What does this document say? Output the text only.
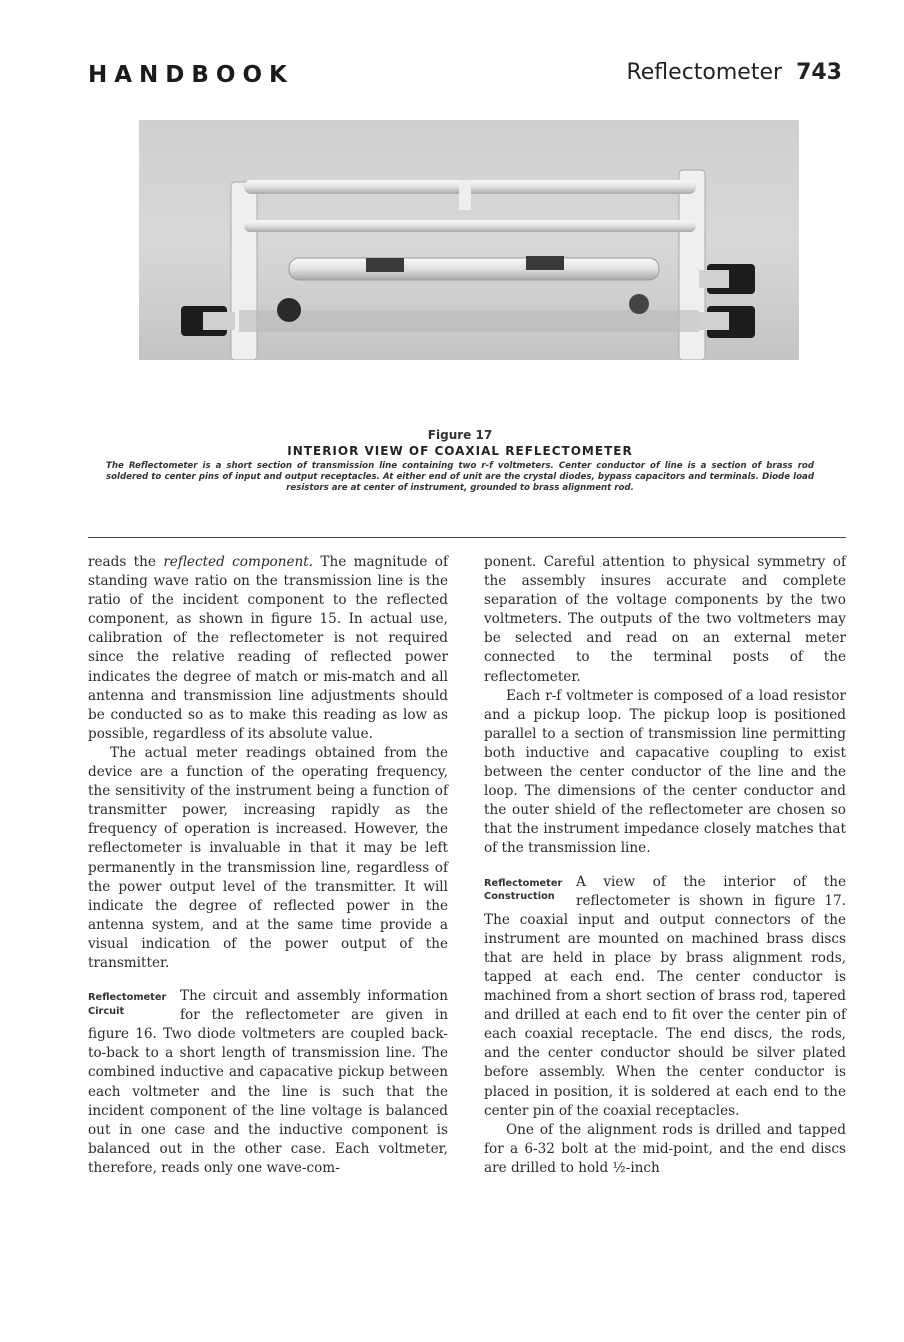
HANDBOOK	Reflectometer 743
Figure 17
INTERIOR VIEW OF COAXIAL REFLECTOMETER
The Reflectometer is a short section of transmission line containing two r-f voltmeters. Center conductor of line is a section of brass rod soldered to center pins of input and output receptacles. At either end of unit are the crystal diodes, bypass capacitors and terminals. Diode load resistors are at center of instrument, grounded to brass alignment rod.

reads the reflected component. The magnitude of standing wave ratio on the transmission line is the ratio of the incident component to the reflected component, as shown in figure 15. In actual use, calibration of the reflectometer is not required since the relative reading of reflected power indicates the degree of match or mis-match and all antenna and transmission line adjustments should be conducted so as to make this reading as low as possible, regardless of its absolute value.

The actual meter readings obtained from the device are a function of the operating frequency, the sensitivity of the instrument being a function of transmitter power, increasing rapidly as the frequency of operation is increased. However, the reflectometer is invaluable in that it may be left permanently in the transmission line, regardless of the power output level of the transmitter. It will indicate the degree of reflected power in the antenna system, and at the same time provide a visual indication of the power output of the transmitter.

Reflectometer
Circuit

The circuit and assembly information for the reflectometer are given in figure 16. Two diode voltmeters are coupled back-to-back to a short length of transmission line. The combined inductive and capacative pickup between each voltmeter and the line is such that the incident component of the line voltage is balanced out in one case and the inductive component is balanced out in the other case. Each voltmeter, therefore, reads only one wave-com-

ponent. Careful attention to physical symmetry of the assembly insures accurate and complete separation of the voltage components by the two voltmeters. The outputs of the two voltmeters may be selected and read on an external meter connected to the terminal posts of the reflectometer.

Each r-f voltmeter is composed of a load resistor and a pickup loop. The pickup loop is positioned parallel to a section of transmission line permitting both inductive and capacative coupling to exist between the center conductor of the line and the loop. The dimensions of the center conductor and the outer shield of the reflectometer are chosen so that the instrument impedance closely matches that of the transmission line.

Reflectometer
Construction

A view of the interior of the reflectometer is shown in figure 17. The coaxial input and output connectors of the instrument are mounted on machined brass discs that are held in place by brass alignment rods, tapped at each end. The center conductor is machined from a short section of brass rod, tapered and drilled at each end to fit over the center pin of each coaxial receptacle. The end discs, the rods, and the center conductor should be silver plated before assembly. When the center conductor is placed in position, it is soldered at each end to the center pin of the coaxial receptacles.

One of the alignment rods is drilled and tapped for a 6-32 bolt at the mid-point, and the end discs are drilled to hold ½-inch
